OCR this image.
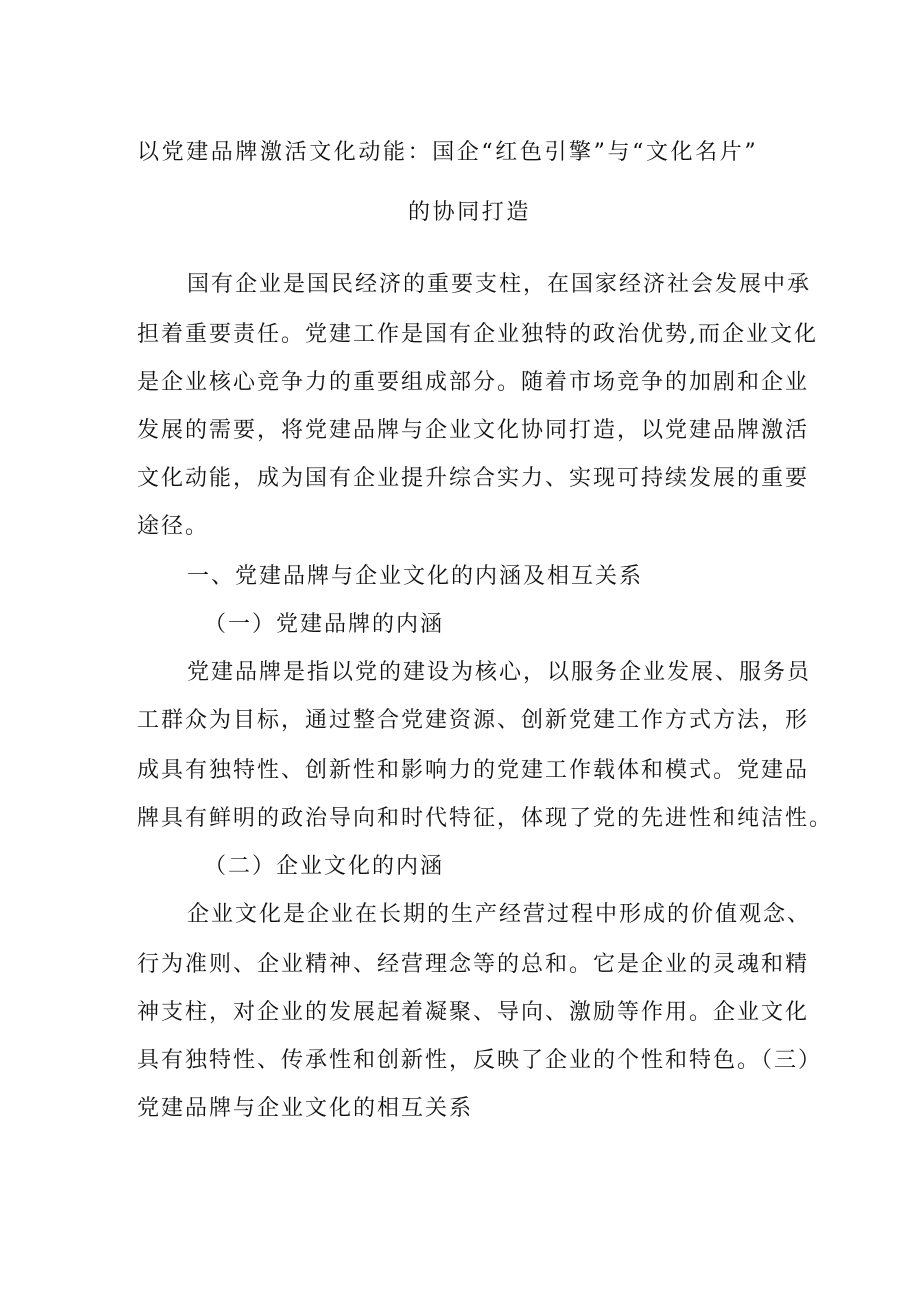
以党建品牌激活文化动能：国企“红色引擎”与“文化名片”

的协同打造

国有企业是国民经济的重要支柱，在国家经济社会发展中承

担着重要责任。党建工作是国有企业独特的政治优势,而企业文化

是企业核心竞争力的重要组成部分。随着市场竞争的加剧和企业

发展的需要，将党建品牌与企业文化协同打造，以党建品牌激活

文化动能，成为国有企业提升综合实力、实现可持续发展的重要

途径。

一、党建品牌与企业文化的内涵及相互关系

（一）党建品牌的内涵

党建品牌是指以党的建设为核心，以服务企业发展、服务员

工群众为目标，通过整合党建资源、创新党建工作方式方法，形

成具有独特性、创新性和影响力的党建工作载体和模式。党建品

牌具有鲜明的政治导向和时代特征，体现了党的先进性和纯洁性。

（二）企业文化的内涵

企业文化是企业在长期的生产经营过程中形成的价值观念、

行为准则、企业精神、经营理念等的总和。它是企业的灵魂和精

神支柱，对企业的发展起着凝聚、导向、激励等作用。企业文化

具有独特性、传承性和创新性，反映了企业的个性和特色。（三）

党建品牌与企业文化的相互关系
